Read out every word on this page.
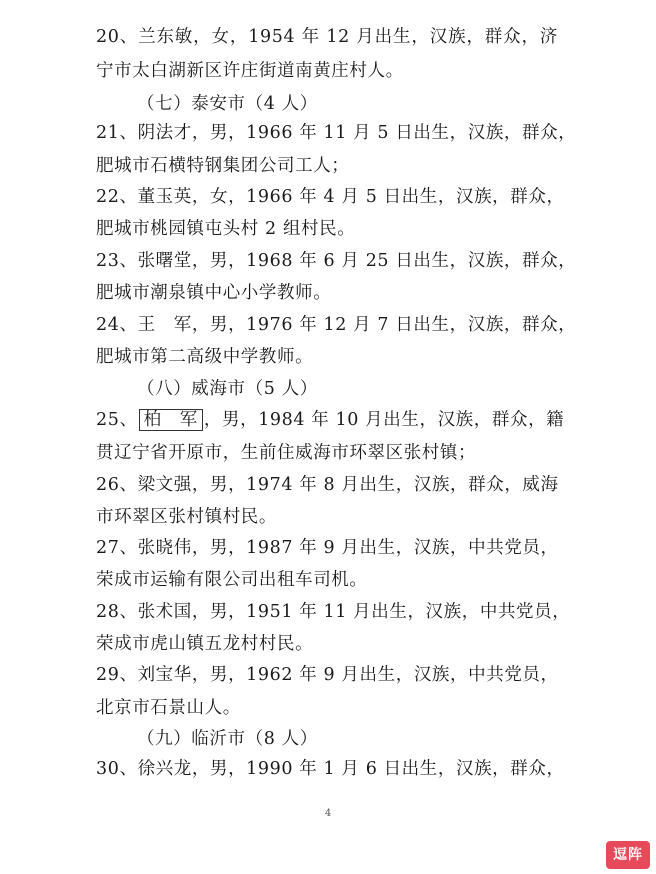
20、兰东敏，女，1954 年 12 月出生，汉族，群众，济
宁市太白湖新区许庄街道南黄庄村人。
（七）泰安市（4 人）
21、阴法才，男，1966 年 11 月 5 日出生，汉族，群众，
肥城市石横特钢集团公司工人；
22、董玉英，女，1966 年 4 月 5 日出生，汉族，群众，
肥城市桃园镇屯头村 2 组村民。
23、张曙堂，男，1968 年 6 月 25 日出生，汉族，群众，
肥城市潮泉镇中心小学教师。
24、王　军，男，1976 年 12 月 7 日出生，汉族，群众，
肥城市第二高级中学教师。
（八）威海市（5 人）
25、 柏　军 ，男，1984 年 10 月出生，汉族，群众，籍
贯辽宁省开原市，生前住威海市环翠区张村镇；
26、梁文强，男，1974 年 8 月出生，汉族，群众，威海
市环翠区张村镇村民。
27、张晓伟，男，1987 年 9 月出生，汉族，中共党员，
荣成市运输有限公司出租车司机。
28、张术国，男，1951 年 11 月出生，汉族，中共党员，
荣成市虎山镇五龙村村民。
29、刘宝华，男，1962 年 9 月出生，汉族，中共党员，
北京市石景山人。
（九）临沂市（8 人）
30、徐兴龙，男，1990 年 1 月 6 日出生，汉族，群众，
4
逗阵
